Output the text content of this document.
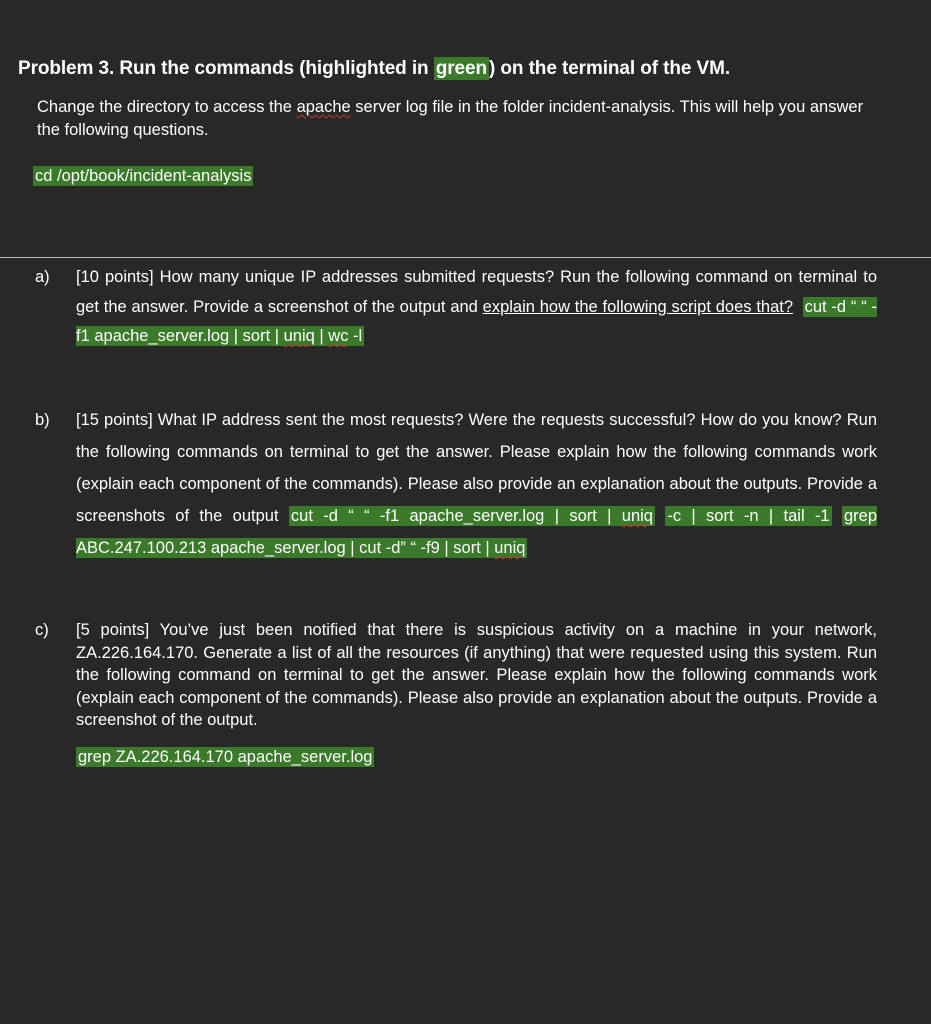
Problem 3. Run the commands (highlighted in green ) on the terminal of the VM.
Change the directory to access the apache server log file in the folder incident-analysis. This will help you answer the following questions.
cd /opt/book/incident-analysis
a) [10 points] How many unique IP addresses submitted requests? Run the following command on terminal to get the answer. Provide a screenshot of the output and explain how the following script does that? cut -d “ “ -f1 apache_server.log | sort | uniq | wc -l
b) [15 points] What IP address sent the most requests? Were the requests successful? How do you know? Run the following commands on terminal to get the answer. Please explain how the following commands work (explain each component of the commands). Please also provide an explanation about the outputs. Provide a screenshots of the output cut -d “ “ -f1 apache_server.log | sort | uniq -c | sort -n | tail -1 grep ABC.247.100.213 apache_server.log | cut -d” “ -f9 | sort | uniq
c) [5 points] You’ve just been notified that there is suspicious activity on a machine in your network, ZA.226.164.170. Generate a list of all the resources (if anything) that were requested using this system. Run the following command on terminal to get the answer. Please explain how the following commands work (explain each component of the commands). Please also provide an explanation about the outputs. Provide a screenshot of the output.
grep ZA.226.164.170 apache_server.log
